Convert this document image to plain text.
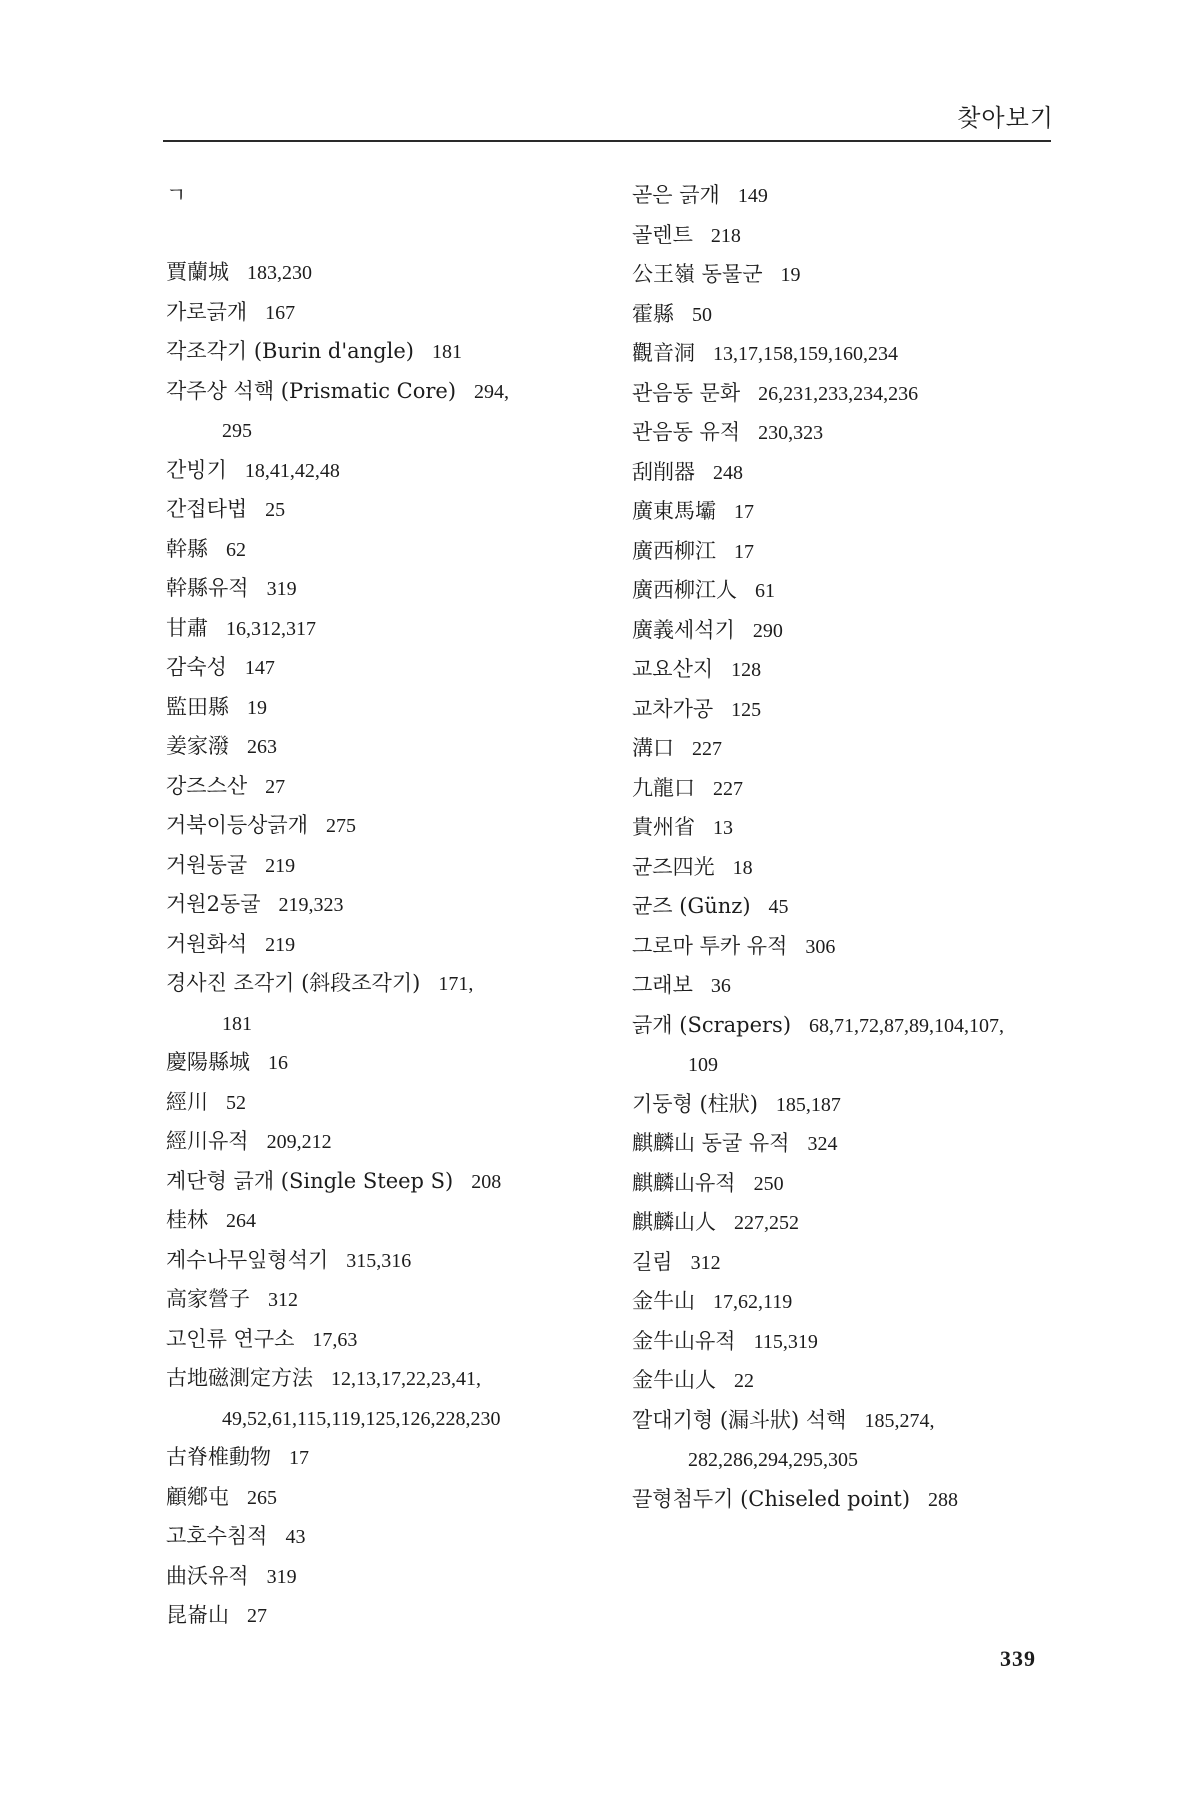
찾아보기
ㄱ
賈蘭城 183,230
가로긁개 167
각조각기 (Burin d'angle) 181
각주상 석핵 (Prismatic Core) 294,
295
간빙기 18,41,42,48
간접타법 25
幹縣 62
幹縣유적 319
甘肅 16,312,317
감숙성 147
監田縣 19
姜家潑 263
강즈스산 27
거북이등상긁개 275
거원동굴 219
거원2동굴 219,323
거원화석 219
경사진 조각기 (斜段조각기) 171,
181
慶陽縣城 16
經川 52
經川유적 209,212
계단형 긁개 (Single Steep S) 208
桂林 264
계수나무잎형석기 315,316
高家營子 312
고인류 연구소 17,63
古地磁測定方法 12,13,17,22,23,41,
49,52,61,115,119,125,126,228,230
古脊椎動物 17
顧鄕屯 265
고호수침적 43
曲沃유적 319
昆崙山 27
곧은 긁개 149
골렌트 218
公王嶺 동물군 19
霍縣 50
觀音洞 13,17,158,159,160,234
관음동 문화 26,231,233,234,236
관음동 유적 230,323
刮削器 248
廣東馬壩 17
廣西柳江 17
廣西柳江人 61
廣義세석기 290
교요산지 128
교차가공 125
溝口 227
九龍口 227
貴州省 13
균즈四光 18
균즈 (Günz) 45
그로마 투카 유적 306
그래보 36
긁개 (Scrapers) 68,71,72,87,89,104,107,
109
기둥형 (柱狀) 185,187
麒麟山 동굴 유적 324
麒麟山유적 250
麒麟山人 227,252
길림 312
金牛山 17,62,119
金牛山유적 115,319
金牛山人 22
깔대기형 (漏斗狀) 석핵 185,274,
282,286,294,295,305
끌형첨두기 (Chiseled point) 288
339
